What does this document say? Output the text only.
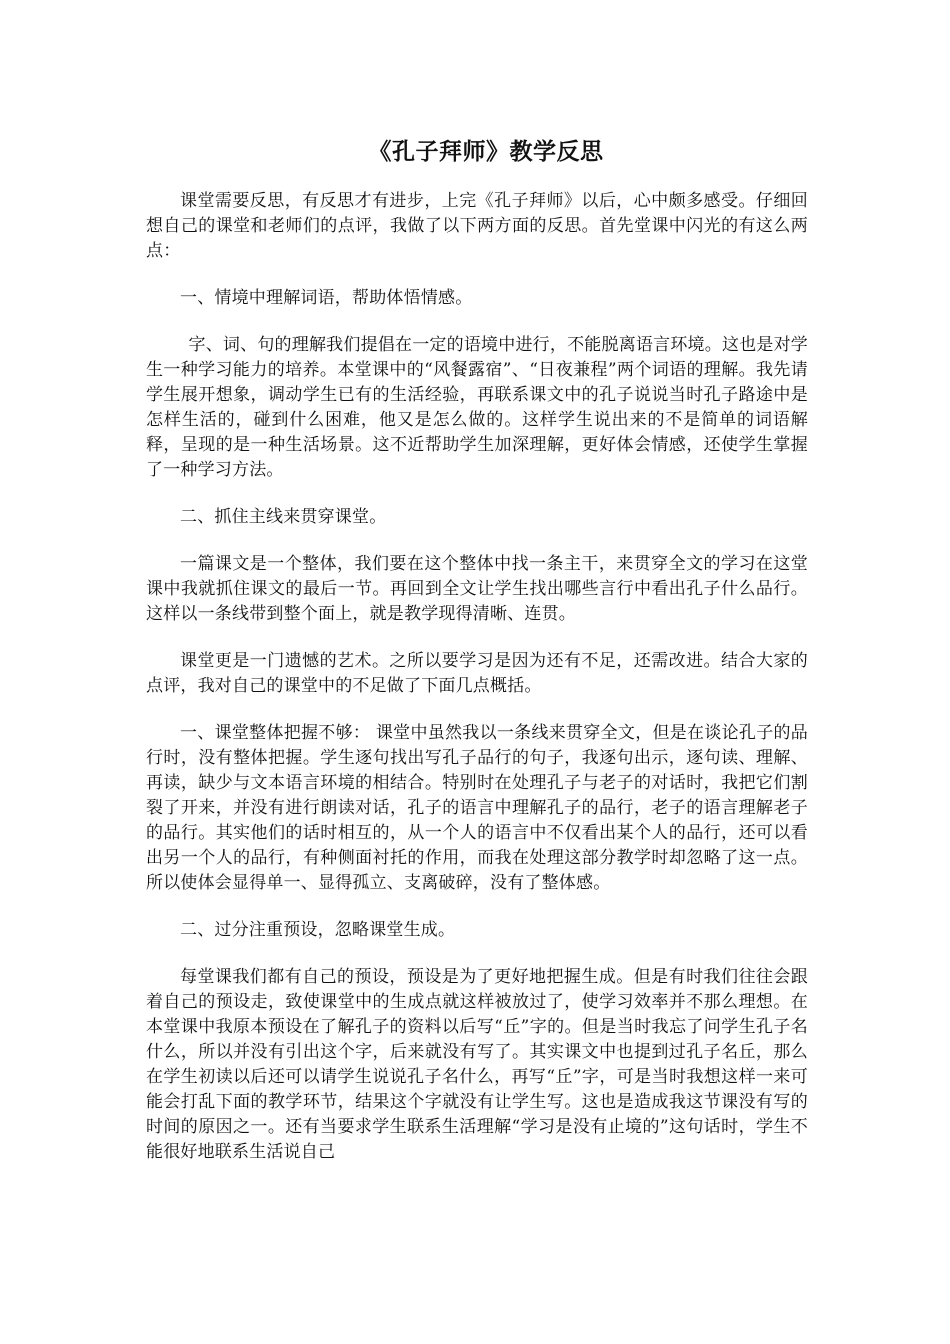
《孔子拜师》教学反思

课堂需要反思，有反思才有进步，上完《孔子拜师》以后，心中颇多感受。仔细回想自己的课堂和老师们的点评，我做了以下两方面的反思。首先堂课中闪光的有这么两点：

一、情境中理解词语，帮助体悟情感。

字、词、句的理解我们提倡在一定的语境中进行，不能脱离语言环境。这也是对学生一种学习能力的培养。本堂课中的“风餐露宿”、“日夜兼程”两个词语的理解。我先请学生展开想象，调动学生已有的生活经验，再联系课文中的孔子说说当时孔子路途中是怎样生活的，碰到什么困难，他又是怎么做的。这样学生说出来的不是简单的词语解释，呈现的是一种生活场景。这不近帮助学生加深理解，更好体会情感，还使学生掌握了一种学习方法。

二、抓住主线来贯穿课堂。

一篇课文是一个整体，我们要在这个整体中找一条主干，来贯穿全文的学习在这堂课中我就抓住课文的最后一节。再回到全文让学生找出哪些言行中看出孔子什么品行。这样以一条线带到整个面上，就是教学现得清晰、连贯。

课堂更是一门遗憾的艺术。之所以要学习是因为还有不足，还需改进。结合大家的点评，我对自己的课堂中的不足做了下面几点概括。

一、课堂整体把握不够： 课堂中虽然我以一条线来贯穿全文，但是在谈论孔子的品行时，没有整体把握。学生逐句找出写孔子品行的句子，我逐句出示，逐句读、理解、再读，缺少与文本语言环境的相结合。特别时在处理孔子与老子的对话时，我把它们割裂了开来，并没有进行朗读对话，孔子的语言中理解孔子的品行，老子的语言理解老子的品行。其实他们的话时相互的，从一个人的语言中不仅看出某个人的品行，还可以看出另一个人的品行，有种侧面衬托的作用，而我在处理这部分教学时却忽略了这一点。所以使体会显得单一、显得孤立、支离破碎，没有了整体感。

二、过分注重预设，忽略课堂生成。

每堂课我们都有自己的预设，预设是为了更好地把握生成。但是有时我们往往会跟着自己的预设走，致使课堂中的生成点就这样被放过了，使学习效率并不那么理想。在本堂课中我原本预设在了解孔子的资料以后写“丘”字的。但是当时我忘了问学生孔子名什么，所以并没有引出这个字，后来就没有写了。其实课文中也提到过孔子名丘，那么在学生初读以后还可以请学生说说孔子名什么，再写“丘”字，可是当时我想这样一来可能会打乱下面的教学环节，结果这个字就没有让学生写。这也是造成我这节课没有写的时间的原因之一。还有当要求学生联系生活理解“学习是没有止境的”这句话时，学生不能很好地联系生活说自己
